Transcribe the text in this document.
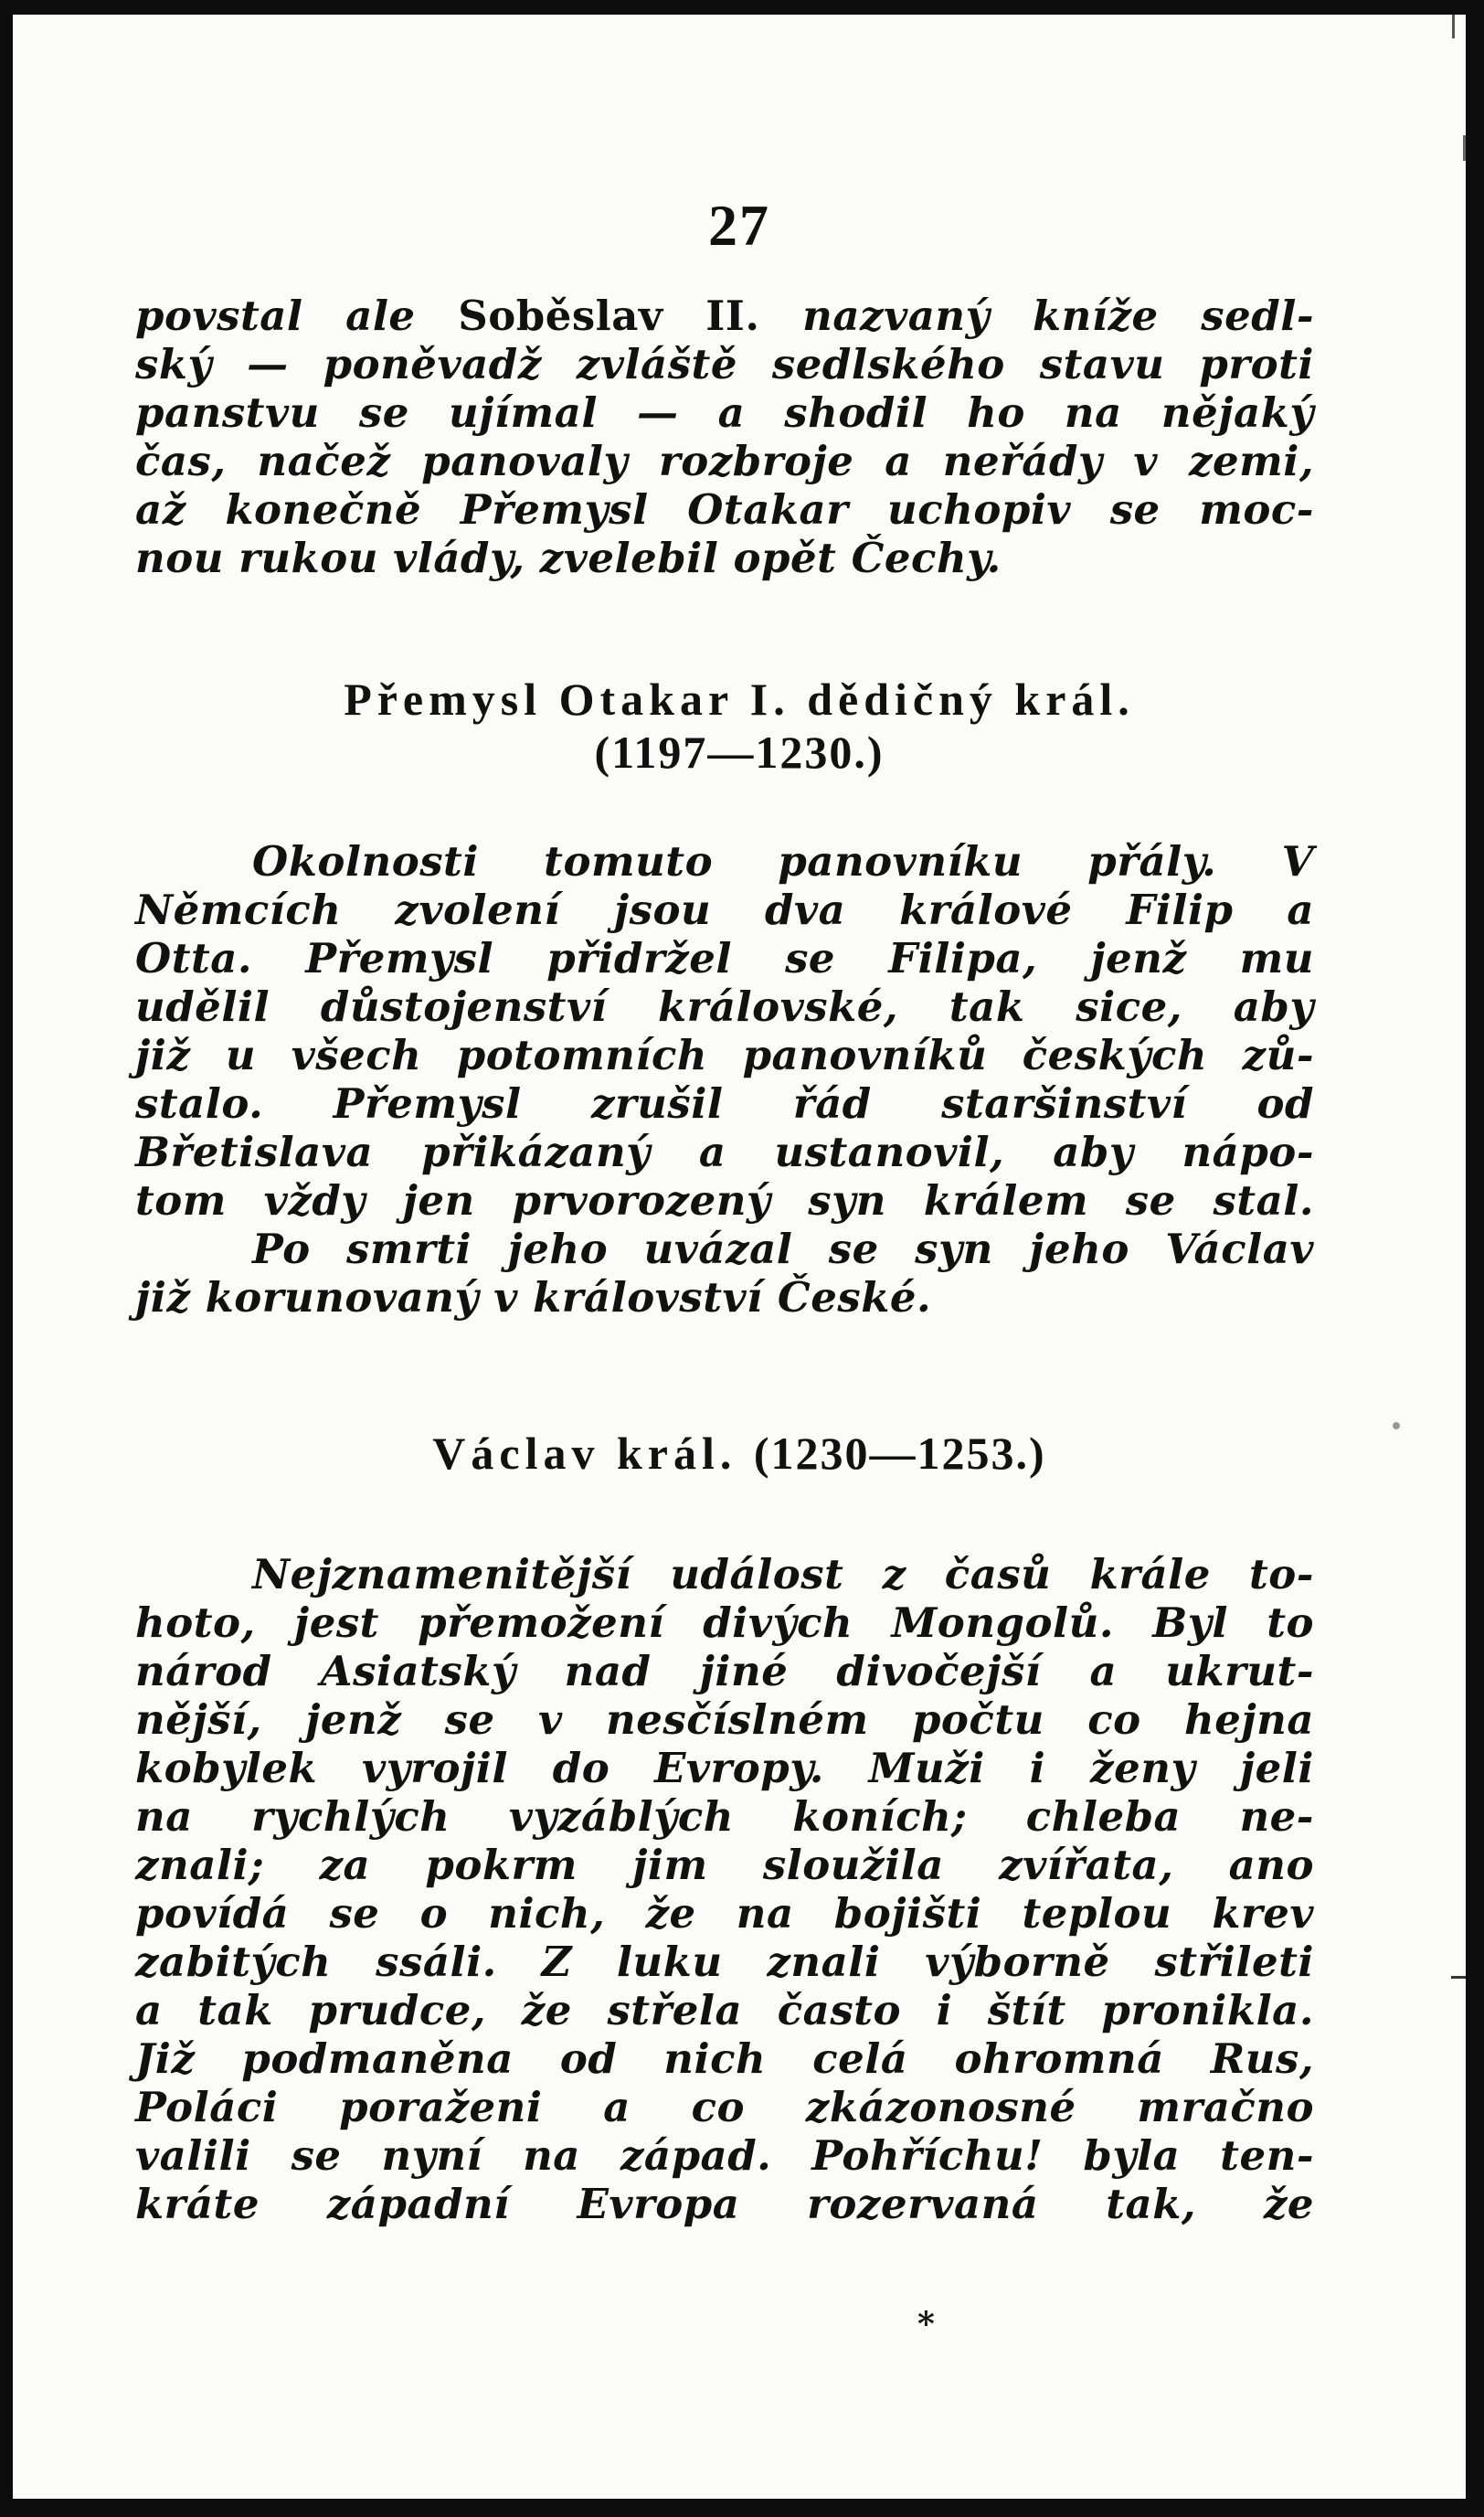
27
povstal ale Soběslav II. nazvaný kníže sedl-
ský — poněvadž zvláště sedlského stavu proti
panstvu se ujímal — a shodil ho na nějaký
čas, načež panovaly rozbroje a neřády v zemi,
až konečně Přemysl Otakar uchopiv se moc-
nou rukou vlády, zvelebil opět Čechy.
Přemysl Otakar I. dědičný král.
(1197—1230.)
Okolnosti tomuto panovníku přály. V
Němcích zvolení jsou dva králové Filip a
Otta. Přemysl přidržel se Filipa, jenž mu
udělil důstojenství královské, tak sice, aby
již u všech potomních panovníků českých zů-
stalo. Přemysl zrušil řád staršinství od
Břetislava přikázaný a ustanovil, aby nápo-
tom vždy jen prvorozený syn králem se stal.
Po smrti jeho uvázal se syn jeho Václav
již korunovaný v království České.
Václav král. (1230—1253.)
Nejznamenitější událost z časů krále to-
hoto, jest přemožení divých Mongolů. Byl to
národ Asiatský nad jiné divočejší a ukrut-
nější, jenž se v nesčíslném počtu co hejna
kobylek vyrojil do Evropy. Muži i ženy jeli
na rychlých vyzáblých koních; chleba ne-
znali; za pokrm jim sloužila zvířata, ano
povídá se o nich, že na bojišti teplou krev
zabitých ssáli. Z luku znali výborně střileti
a tak prudce, že střela často i štít pronikla.
Již podmaněna od nich celá ohromná Rus,
Poláci poraženi a co zkázonosné mračno
valili se nyní na západ. Pohříchu! byla ten-
kráte západní Evropa rozervaná tak, že
*
